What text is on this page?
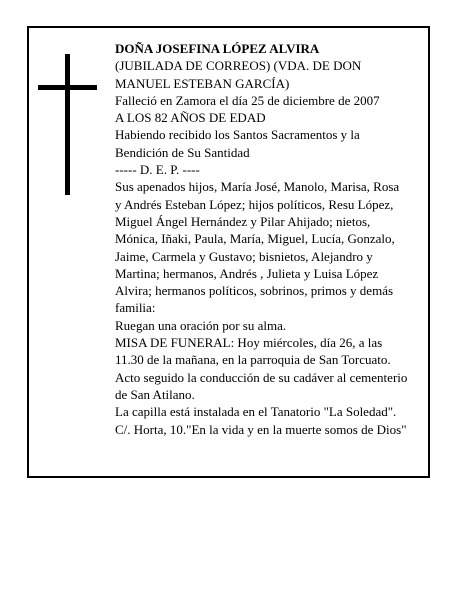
DOÑA JOSEFINA LÓPEZ ALVIRA
(JUBILADA DE CORREOS) (VDA. DE DON
MANUEL ESTEBAN GARCÍA)
Falleció en Zamora el día 25 de diciembre de 2007
A LOS 82 AÑOS DE EDAD
Habiendo recibido los Santos Sacramentos y la
Bendición de Su Santidad
----- D. E. P. ----
Sus apenados hijos, María José, Manolo, Marisa, Rosa
y Andrés Esteban López; hijos políticos, Resu López,
Miguel Ángel Hernández y Pilar Ahijado; nietos,
Mónica, Iñaki, Paula, María, Miguel, Lucía, Gonzalo,
Jaime, Carmela y Gustavo; bisnietos, Alejandro y
Martina; hermanos, Andrés , Julieta y Luisa López
Alvira; hermanos políticos, sobrinos, primos y demás
familia:
Ruegan una oración por su alma.
MISA DE FUNERAL: Hoy miércoles, día 26, a las
11.30 de la mañana, en la parroquia de San Torcuato.
Acto seguido la conducción de su cadáver al cementerio
de San Atilano.
La capilla está instalada en el Tanatorio "La Soledad".
C/. Horta, 10."En la vida y en la muerte somos de Dios"
